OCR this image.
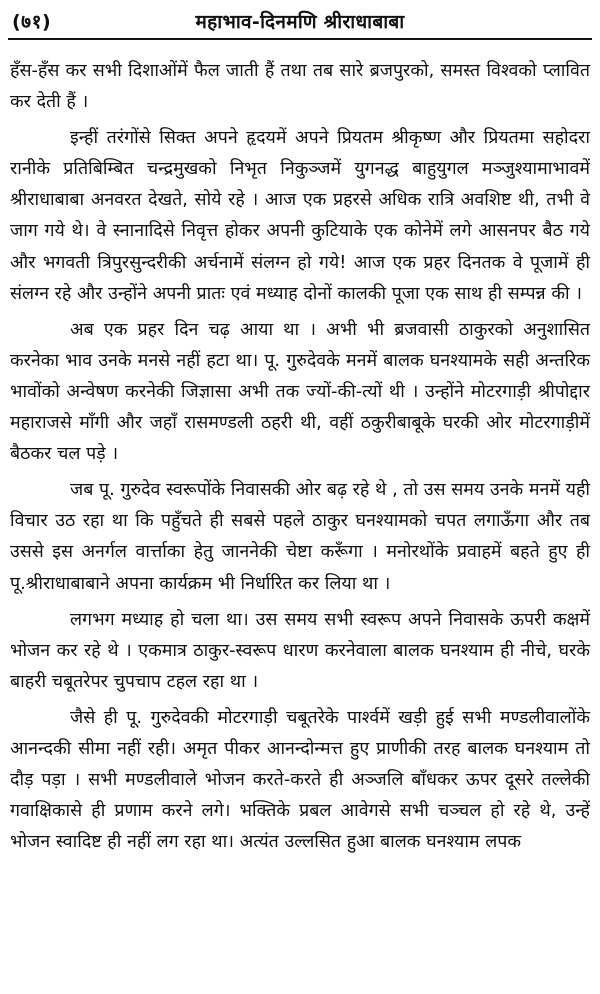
(७१)	महाभाव-दिनमणि श्रीराधाबाबा

हँस-हँस कर सभी दिशाओंमें फैल जाती हैं तथा तब सारे ब्रजपुरको, समस्त विश्वको प्लावित कर देती हैं ।

इन्हीं तरंगोंसे सिक्त अपने हृदयमें अपने प्रियतम श्रीकृष्ण और प्रियतमा सहोदरा रानीके प्रतिबिम्बित चन्द्रमुखको निभृत निकुञ्जमें युगनद्ध बाहुयुगल मञ्जुश्यामाभावमें श्रीराधाबाबा अनवरत देखते, सोये रहे । आज एक प्रहरसे अधिक रात्रि अवशिष्ट थी, तभी वे जाग गये थे। वे स्नानादिसे निवृत्त होकर अपनी कुटियाके एक कोनेमें लगे आसनपर बैठ गये और भगवती त्रिपुरसुन्दरीकी अर्चनामें संलग्न हो गये! आज एक प्रहर दिनतक वे पूजामें ही संलग्न रहे और उन्होंने अपनी प्रातः एवं मध्याह दोनों कालकी पूजा एक साथ ही सम्पन्न की ।

अब एक प्रहर दिन चढ़ आया था । अभी भी ब्रजवासी ठाकुरको अनुशासित करनेका भाव उनके मनसे नहीं हटा था। पू. गुरुदेवके मनमें बालक घनश्यामके सही अन्तरिक भावोंको अन्वेषण करनेकी जिज्ञासा अभी तक ज्यों-की-त्यों थी । उन्होंने मोटरगाड़ी श्रीपोद्दार महाराजसे माँगी और जहाँ रासमण्डली ठहरी थी, वहीं ठकुरीबाबूके घरकी ओर मोटरगाड़ीमें बैठकर चल पड़े ।

जब पू. गुरुदेव स्वरूपोंके निवासकी ओर बढ़ रहे थे , तो उस समय उनके मनमें यही विचार उठ रहा था कि पहुँचते ही सबसे पहले ठाकुर घनश्यामको चपत लगाऊँगा और तब उससे इस अनर्गल वार्त्ताका हेतु जाननेकी चेष्टा करूँगा । मनोरथोंके प्रवाहमें बहते हुए ही पू.श्रीराधाबाबाने अपना कार्यक्रम भी निर्धारित कर लिया था ।

लगभग मध्याह हो चला था। उस समय सभी स्वरूप अपने निवासके ऊपरी कक्षमें भोजन कर रहे थे । एकमात्र ठाकुर-स्वरूप धारण करनेवाला बालक घनश्याम ही नीचे, घरके बाहरी चबूतरेपर चुपचाप टहल रहा था ।

जैसे ही पू. गुरुदेवकी मोटरगाड़ी चबूतरेके पार्श्वमें खड़ी हुई सभी मण्डलीवालोंके आनन्दकी सीमा नहीं रही। अमृत पीकर आनन्दोन्मत्त हुए प्राणीकी तरह बालक घनश्याम तो दौड़ पड़ा । सभी मण्डलीवाले भोजन करते-करते ही अञ्जलि बाँधकर ऊपर दूसरे तल्लेकी गवाक्षिकासे ही प्रणाम करने लगे। भक्तिके प्रबल आवेगसे सभी चञ्चल हो रहे थे, उन्हें भोजन स्वादिष्ट ही नहीं लग रहा था। अत्यंत उल्लसित हुआ बालक घनश्याम लपक
